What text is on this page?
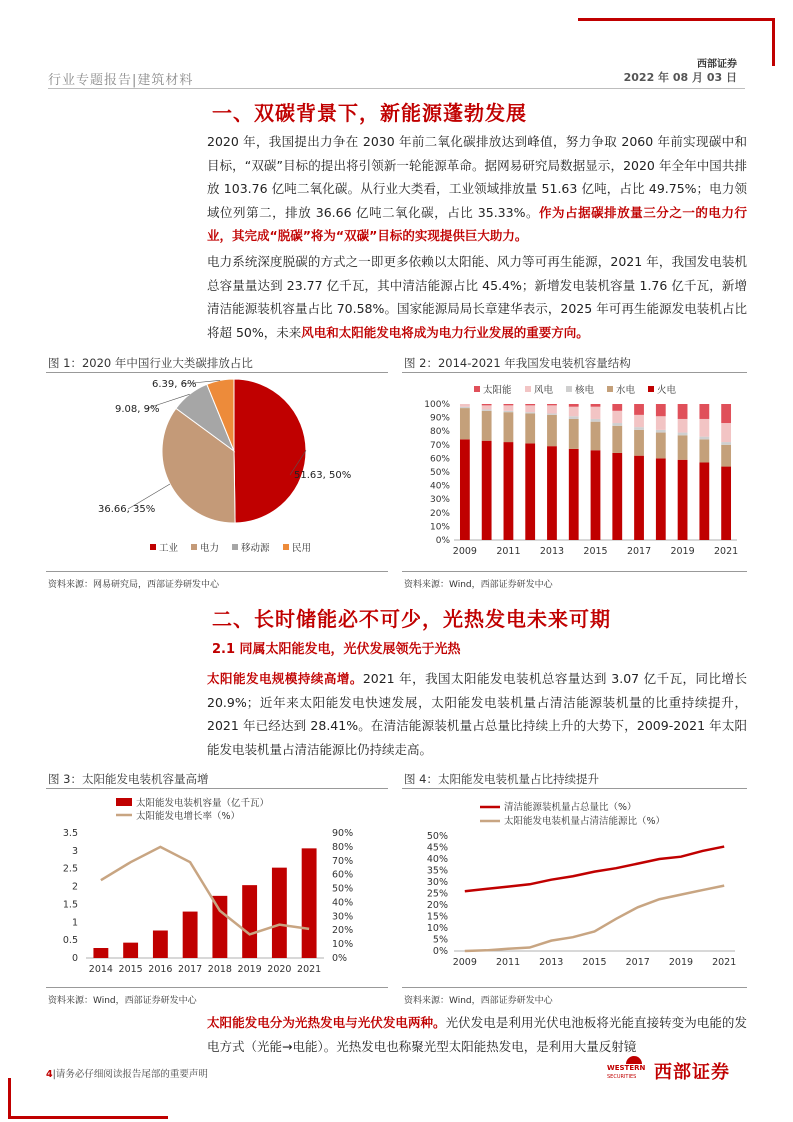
行业专题报告|建筑材料
西部证券
2022 年 08 月 03 日
一、双碳背景下，新能源蓬勃发展
2020 年，我国提出力争在 2030 年前二氧化碳排放达到峰值，努力争取 2060 年前实现碳中和目标，“双碳”目标的提出将引领新一轮能源革命。据网易研究局数据显示，2020 年全年中国共排放 103.76 亿吨二氧化碳。从行业大类看，工业领域排放量 51.63 亿吨，占比 49.75%；电力领域位列第二，排放 36.66 亿吨二氧化碳，占比 35.33%。作为占据碳排放量三分之一的电力行业，其完成“脱碳”将为“双碳”目标的实现提供巨大助力。
电力系统深度脱碳的方式之一即更多依赖以太阳能、风力等可再生能源，2021 年，我国发电装机总容量量达到 23.77 亿千瓦，其中清洁能源占比 45.4%；新增发电装机容量 1.76 亿千瓦，新增清洁能源装机容量占比 70.58%。国家能源局局长章建华表示，2025 年可再生能源发电装机占比将超 50%，未来风电和太阳能发电将成为电力行业发展的重要方向。
图 1：2020 年中国行业大类碳排放占比
51.63, 50%
36.66, 35%
9.08, 9%
6.39, 6%
工业 电力 移动源 民用
资料来源：网易研究局，西部证券研发中心
图 2：2014-2021 年我国发电装机容量结构
太阳能 风电 核电 水电 火电
0%
10%
20%
30%
40%
50%
60%
70%
80%
90%
100%
2009 2011 2013 2015 2017 2019 2021
资料来源：Wind，西部证券研发中心
二、长时储能必不可少，光热发电未来可期
2.1 同属太阳能发电，光伏发展领先于光热
太阳能发电规模持续高增。2021 年，我国太阳能发电装机总容量达到 3.07 亿千瓦，同比增长 20.9%；近年来太阳能发电快速发展，太阳能发电装机量占清洁能源装机量的比重持续提升，2021 年已经达到 28.41%。在清洁能源装机量占总量比持续上升的大势下，2009-2021 年太阳能发电装机量占清洁能源比仍持续走高。
图 3：太阳能发电装机容量高增
太阳能发电装机容量（亿千瓦）
太阳能发电增长率（%）
0
0.5
1
1.5
2
2.5
3
3.5
0%
10%
20%
30%
40%
50%
60%
70%
80%
90%
2014 2015 2016 2017 2018 2019 2020 2021
资料来源：Wind，西部证券研发中心
图 4：太阳能发电装机量占比持续提升
清洁能源装机量占总量比（%）
太阳能发电装机量占清洁能源比（%）
0%
5%
10%
15%
20%
25%
30%
35%
40%
45%
50%
2009 2011 2013 2015 2017 2019 2021
资料来源：Wind，西部证券研发中心
太阳能发电分为光热发电与光伏发电两种。光伏发电是利用光伏电池板将光能直接转变为电能的发电方式（光能→电能）。光热发电也称聚光型太阳能热发电，是利用大量反射镜
4|请务必仔细阅读报告尾部的重要声明
WESTERN
SECURITIES 西部证券
